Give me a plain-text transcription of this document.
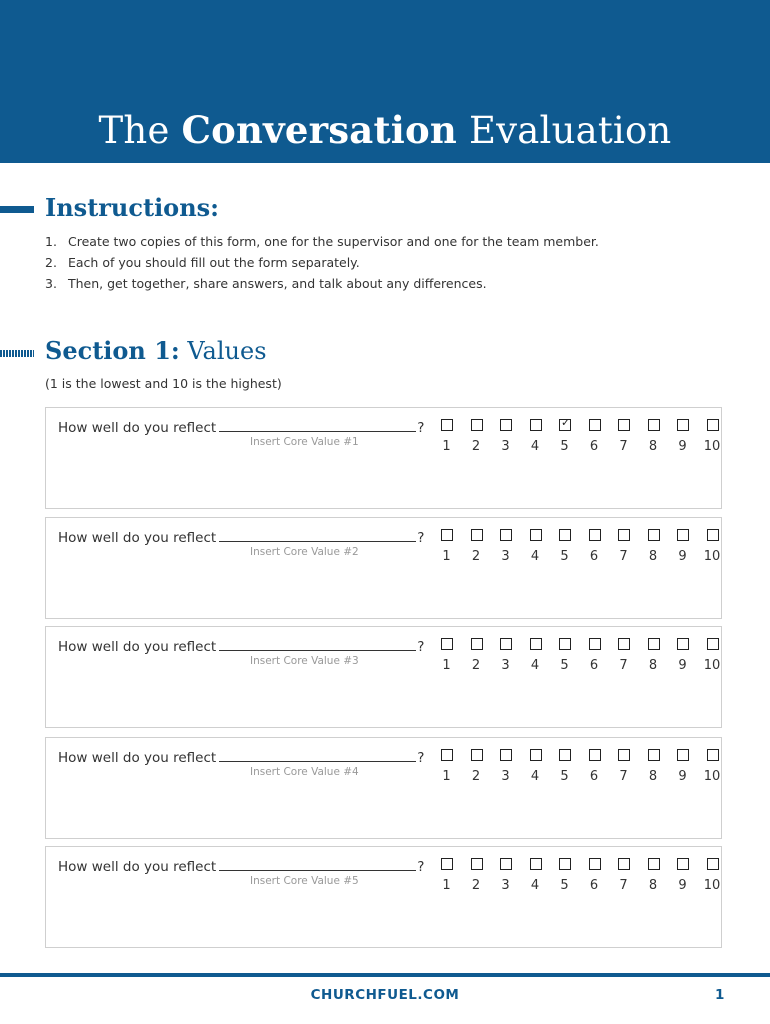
The Conversation Evaluation
Instructions:
1. Create two copies of this form, one for the supervisor and one for the team member.
2. Each of you should fill out the form separately.
3. Then, get together, share answers, and talk about any differences.
Section 1: Values
(1 is the lowest and 10 is the highest)
How well do you reflect	?
Insert Core Value #1	1	2	3	4
✓
5	6	7	8	9	10
How well do you reflect	?
Insert Core Value #2	1	2	3	4	5	6	7	8	9	10
How well do you reflect	?
Insert Core Value #3	1	2	3	4	5	6	7	8	9	10
How well do you reflect	?
Insert Core Value #4	1	2	3	4	5	6	7	8	9	10
How well do you reflect	?
Insert Core Value #5	1	2	3	4	5	6	7	8	9	10
CHURCHFUEL.COM	1
